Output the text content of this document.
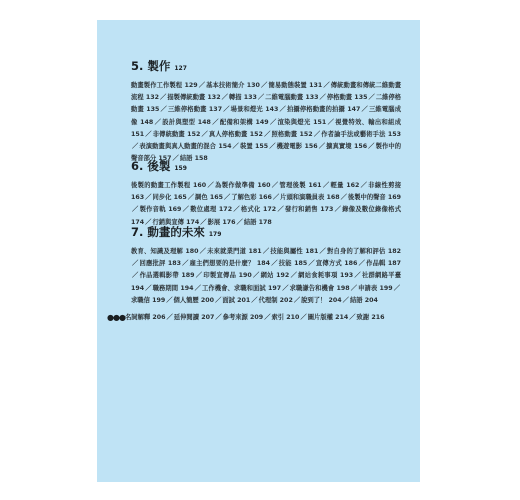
5. 製作 127

動畫製作工作製程 129／基本技術簡介 130／簡易動態裝置 131／傳統動畫和傳統二維動畫流程 132／描製傳統動畫 132／轉描 133／二維電腦動畫 133／停格動畫 135／二維停格動畫 135／三維停格動畫 137／場景和燈光 143／拍攝停格動畫的拍攝 147／三維電腦成像 148／設計與塑型 148／配備和架構 149／渲染與燈光 151／視覺特效、輸出和組成 151／非傳統動畫 152／真人停格動畫 152／照格動畫 152／作者論手法或藝術手法 153／表演動畫與真人動畫的混合 154／裝置 155／機遊電影 156／擴真實境 156／製作中的聲音部分 157／結語 158

6. 後製 159

後製的動畫工作製程 160／為製作做準備 160／管理後製 161／輕量 162／非線性剪接 163／同步化 165／調色 165／了解色彩 166／片頭和演職員表 168／後製中的聲音 169／製作音軌 169／數位處理 172／格式化 172／發行和銷售 173／錄像及數位錄像格式 174／行銷與宣傳 174／影展 176／結語 178

7. 動畫的未來 179

教育、知識及理解 180／未來就業門道 181／技能與屬性 181／對自身的了解和評估 182／回應批評 183／雇主們想要的是什麼？ 184／技能 185／宣傳方式 186／作品輯 187／作品選輯影帶 189／印製宣傳品 190／網站 192／網站食耗事項 193／社群網路平臺 194／職務期間 194／工作機會、求職和面試 197／求職謙告和機會 198／申請表 199／求職信 199／個人簡歷 200／面試 201／代理制 202／說到了！ 204／結語 204

●●● 名詞解釋 206／延伸閱讀 207／參考來源 209／索引 210／圖片版權 214／致謝 216
